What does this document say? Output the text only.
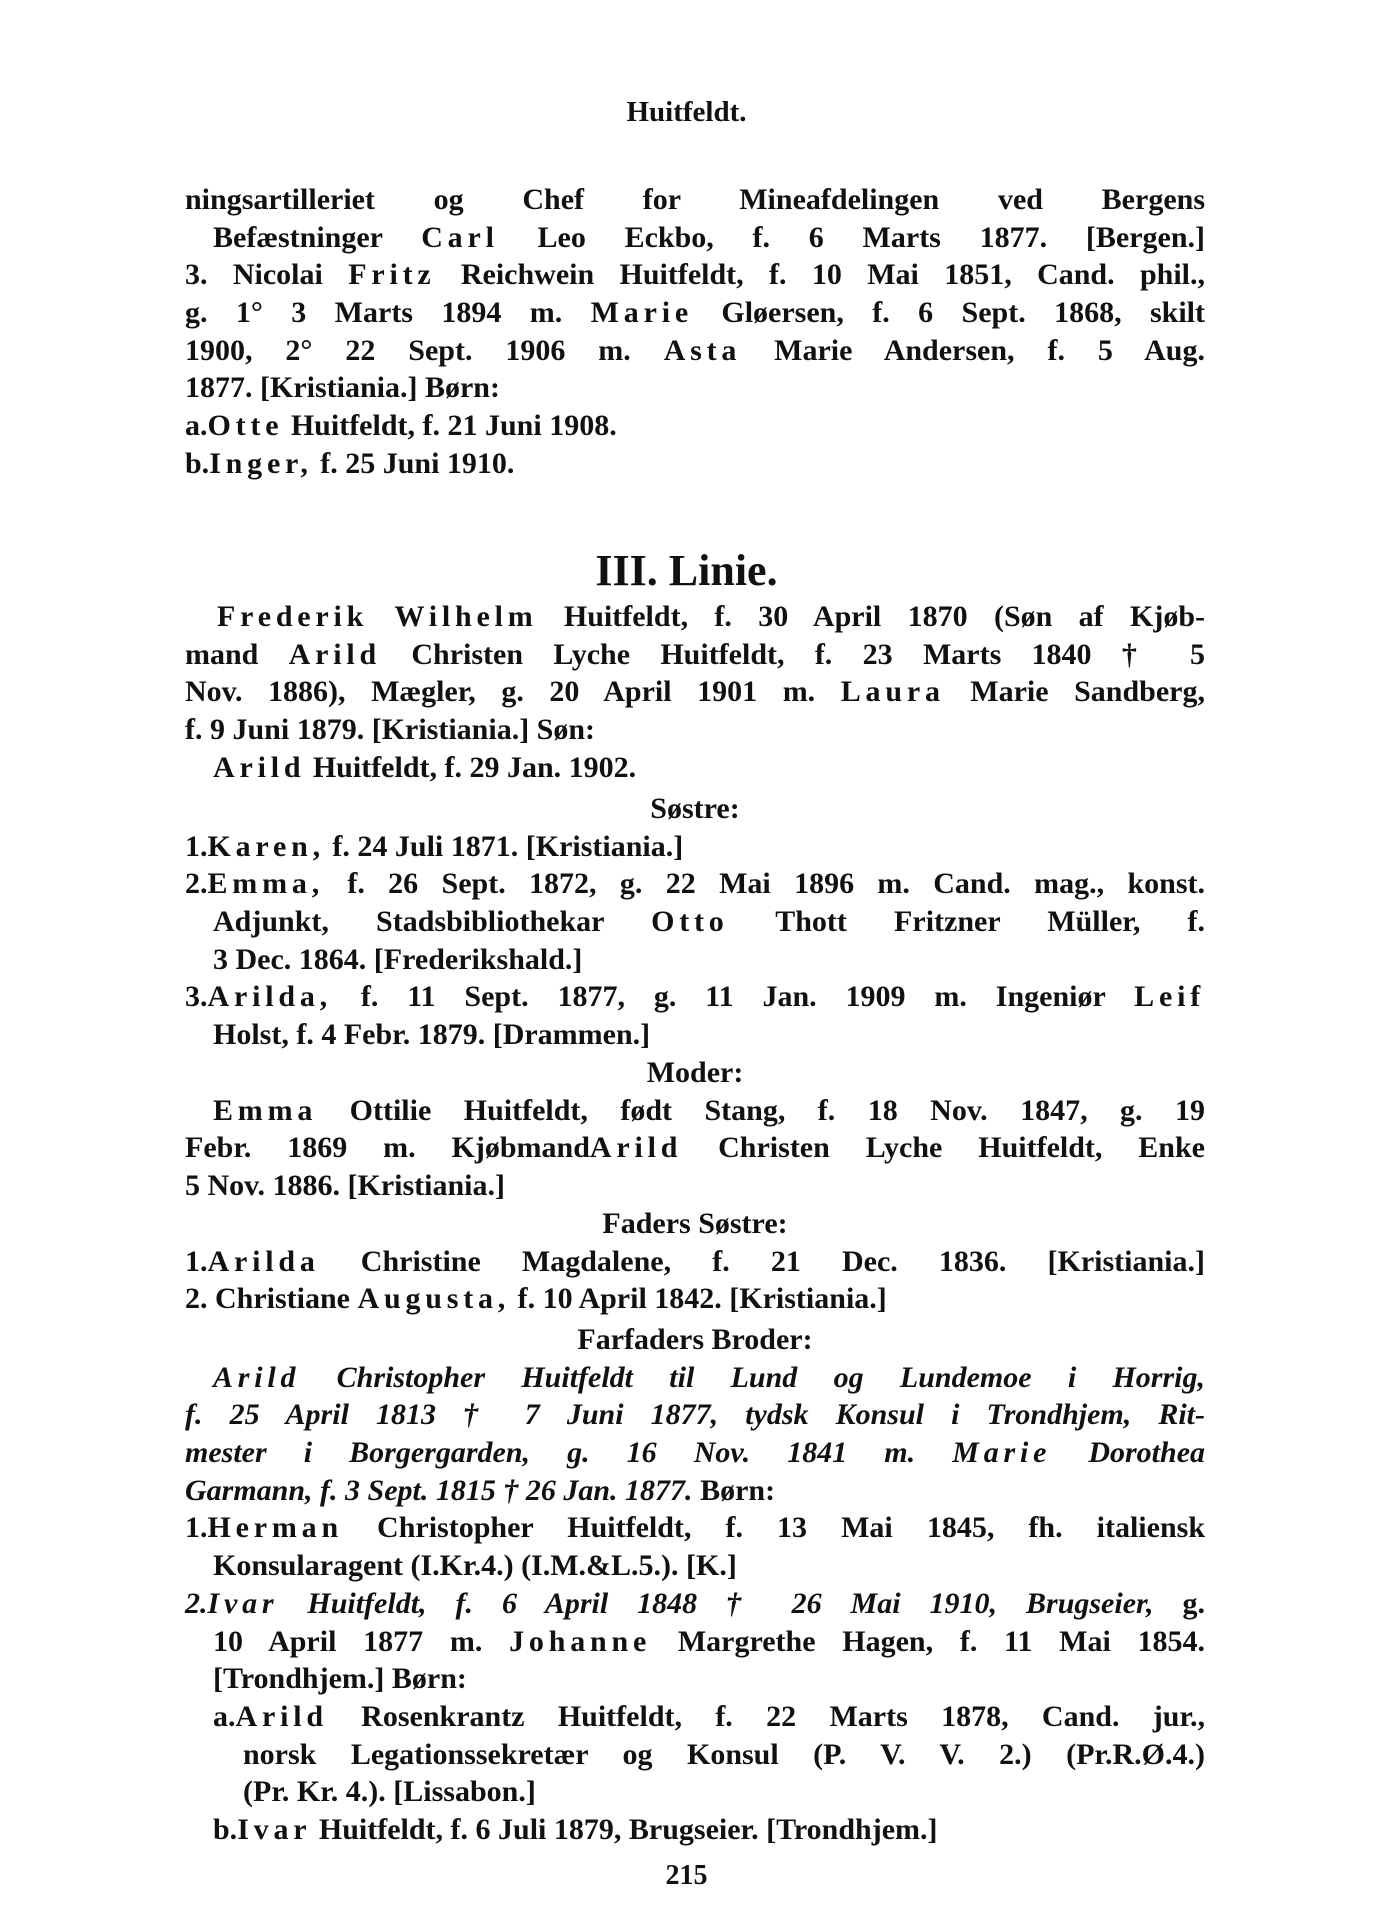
Huitfeldt.
ningsartilleriet og Chef for Mineafdelingen ved Bergens
Befæstninger Carl Leo Eckbo, f. 6 Marts 1877. [Bergen.]
3. Nicolai Fritz Reichwein Huitfeldt, f. 10 Mai 1851, Cand. phil.,
g. 1° 3 Marts 1894 m. Marie Gløersen, f. 6 Sept. 1868, skilt
1900, 2° 22 Sept. 1906 m. Asta Marie Andersen, f. 5 Aug.
1877. [Kristiania.] Børn:
a.Otte Huitfeldt, f. 21 Juni 1908.
b.Inger, f. 25 Juni 1910.
III. Linie.
Frederik Wilhelm Huitfeldt, f. 30 April 1870 (Søn af Kjøb-
mand Arild Christen Lyche Huitfeldt, f. 23 Marts 1840 † 5
Nov. 1886), Mægler, g. 20 April 1901 m. Laura Marie Sandberg,
f. 9 Juni 1879. [Kristiania.] Søn:
Arild Huitfeldt, f. 29 Jan. 1902.
Søstre:
1.Karen, f. 24 Juli 1871. [Kristiania.]
2.Emma, f. 26 Sept. 1872, g. 22 Mai 1896 m. Cand. mag., konst.
Adjunkt, Stadsbibliothekar Otto Thott Fritzner Müller, f.
3 Dec. 1864. [Frederikshald.]
3.Arilda, f. 11 Sept. 1877, g. 11 Jan. 1909 m. Ingeniør Leif
Holst, f. 4 Febr. 1879. [Drammen.]
Moder:
Emma Ottilie Huitfeldt, født Stang, f. 18 Nov. 1847, g. 19
Febr. 1869 m. KjøbmandArild Christen Lyche Huitfeldt, Enke
5 Nov. 1886. [Kristiania.]
Faders Søstre:
1.Arilda Christine Magdalene, f. 21 Dec. 1836. [Kristiania.]
2. Christiane Augusta, f. 10 April 1842. [Kristiania.]
Farfaders Broder:
Arild Christopher Huitfeldt til Lund og Lundemoe i Horrig,
f. 25 April 1813 † 7 Juni 1877, tydsk Konsul i Trondhjem, Rit-
mester i Borgergarden, g. 16 Nov. 1841 m. Marie Dorothea
Garmann, f. 3 Sept. 1815 † 26 Jan. 1877. Børn:
1.Herman Christopher Huitfeldt, f. 13 Mai 1845, fh. italiensk
Konsularagent (I.Kr.4.) (I.M.&L.5.). [K.]
2.Ivar Huitfeldt, f. 6 April 1848 † 26 Mai 1910, Brugseier, g.
10 April 1877 m. Johanne Margrethe Hagen, f. 11 Mai 1854.
[Trondhjem.] Børn:
a.Arild Rosenkrantz Huitfeldt, f. 22 Marts 1878, Cand. jur.,
norsk Legationssekretær og Konsul (P. V. V. 2.) (Pr.R.Ø.4.)
(Pr. Kr. 4.). [Lissabon.]
b.Ivar Huitfeldt, f. 6 Juli 1879, Brugseier. [Trondhjem.]
215
